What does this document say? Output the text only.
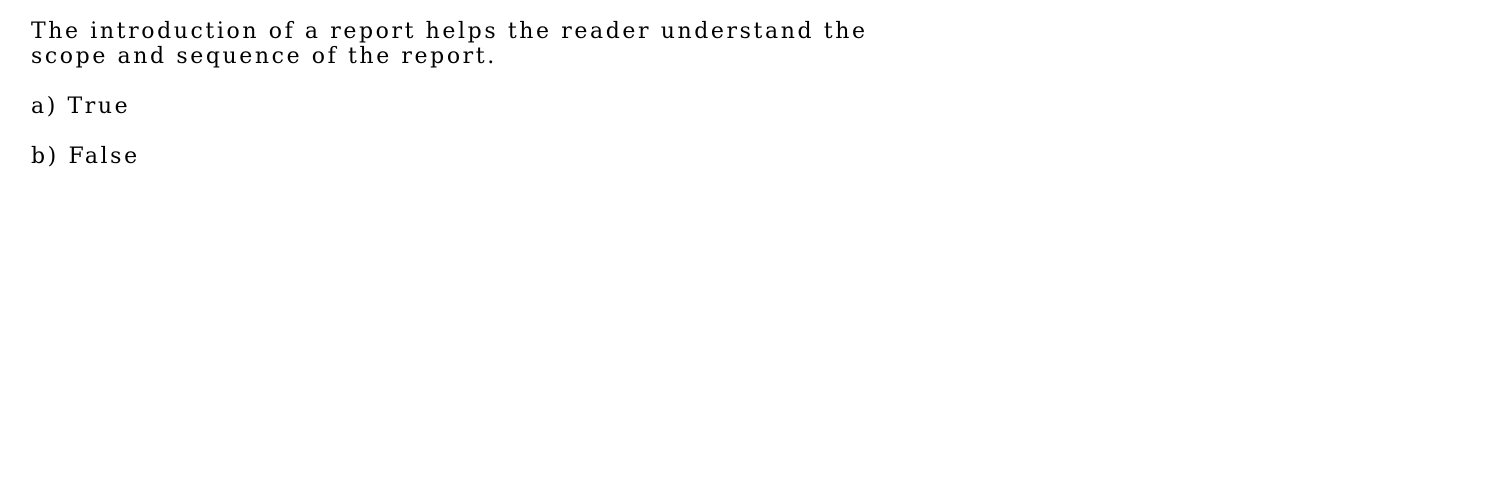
The introduction of a report helps the reader understand the
scope and sequence of the report.
a) True
b) False
